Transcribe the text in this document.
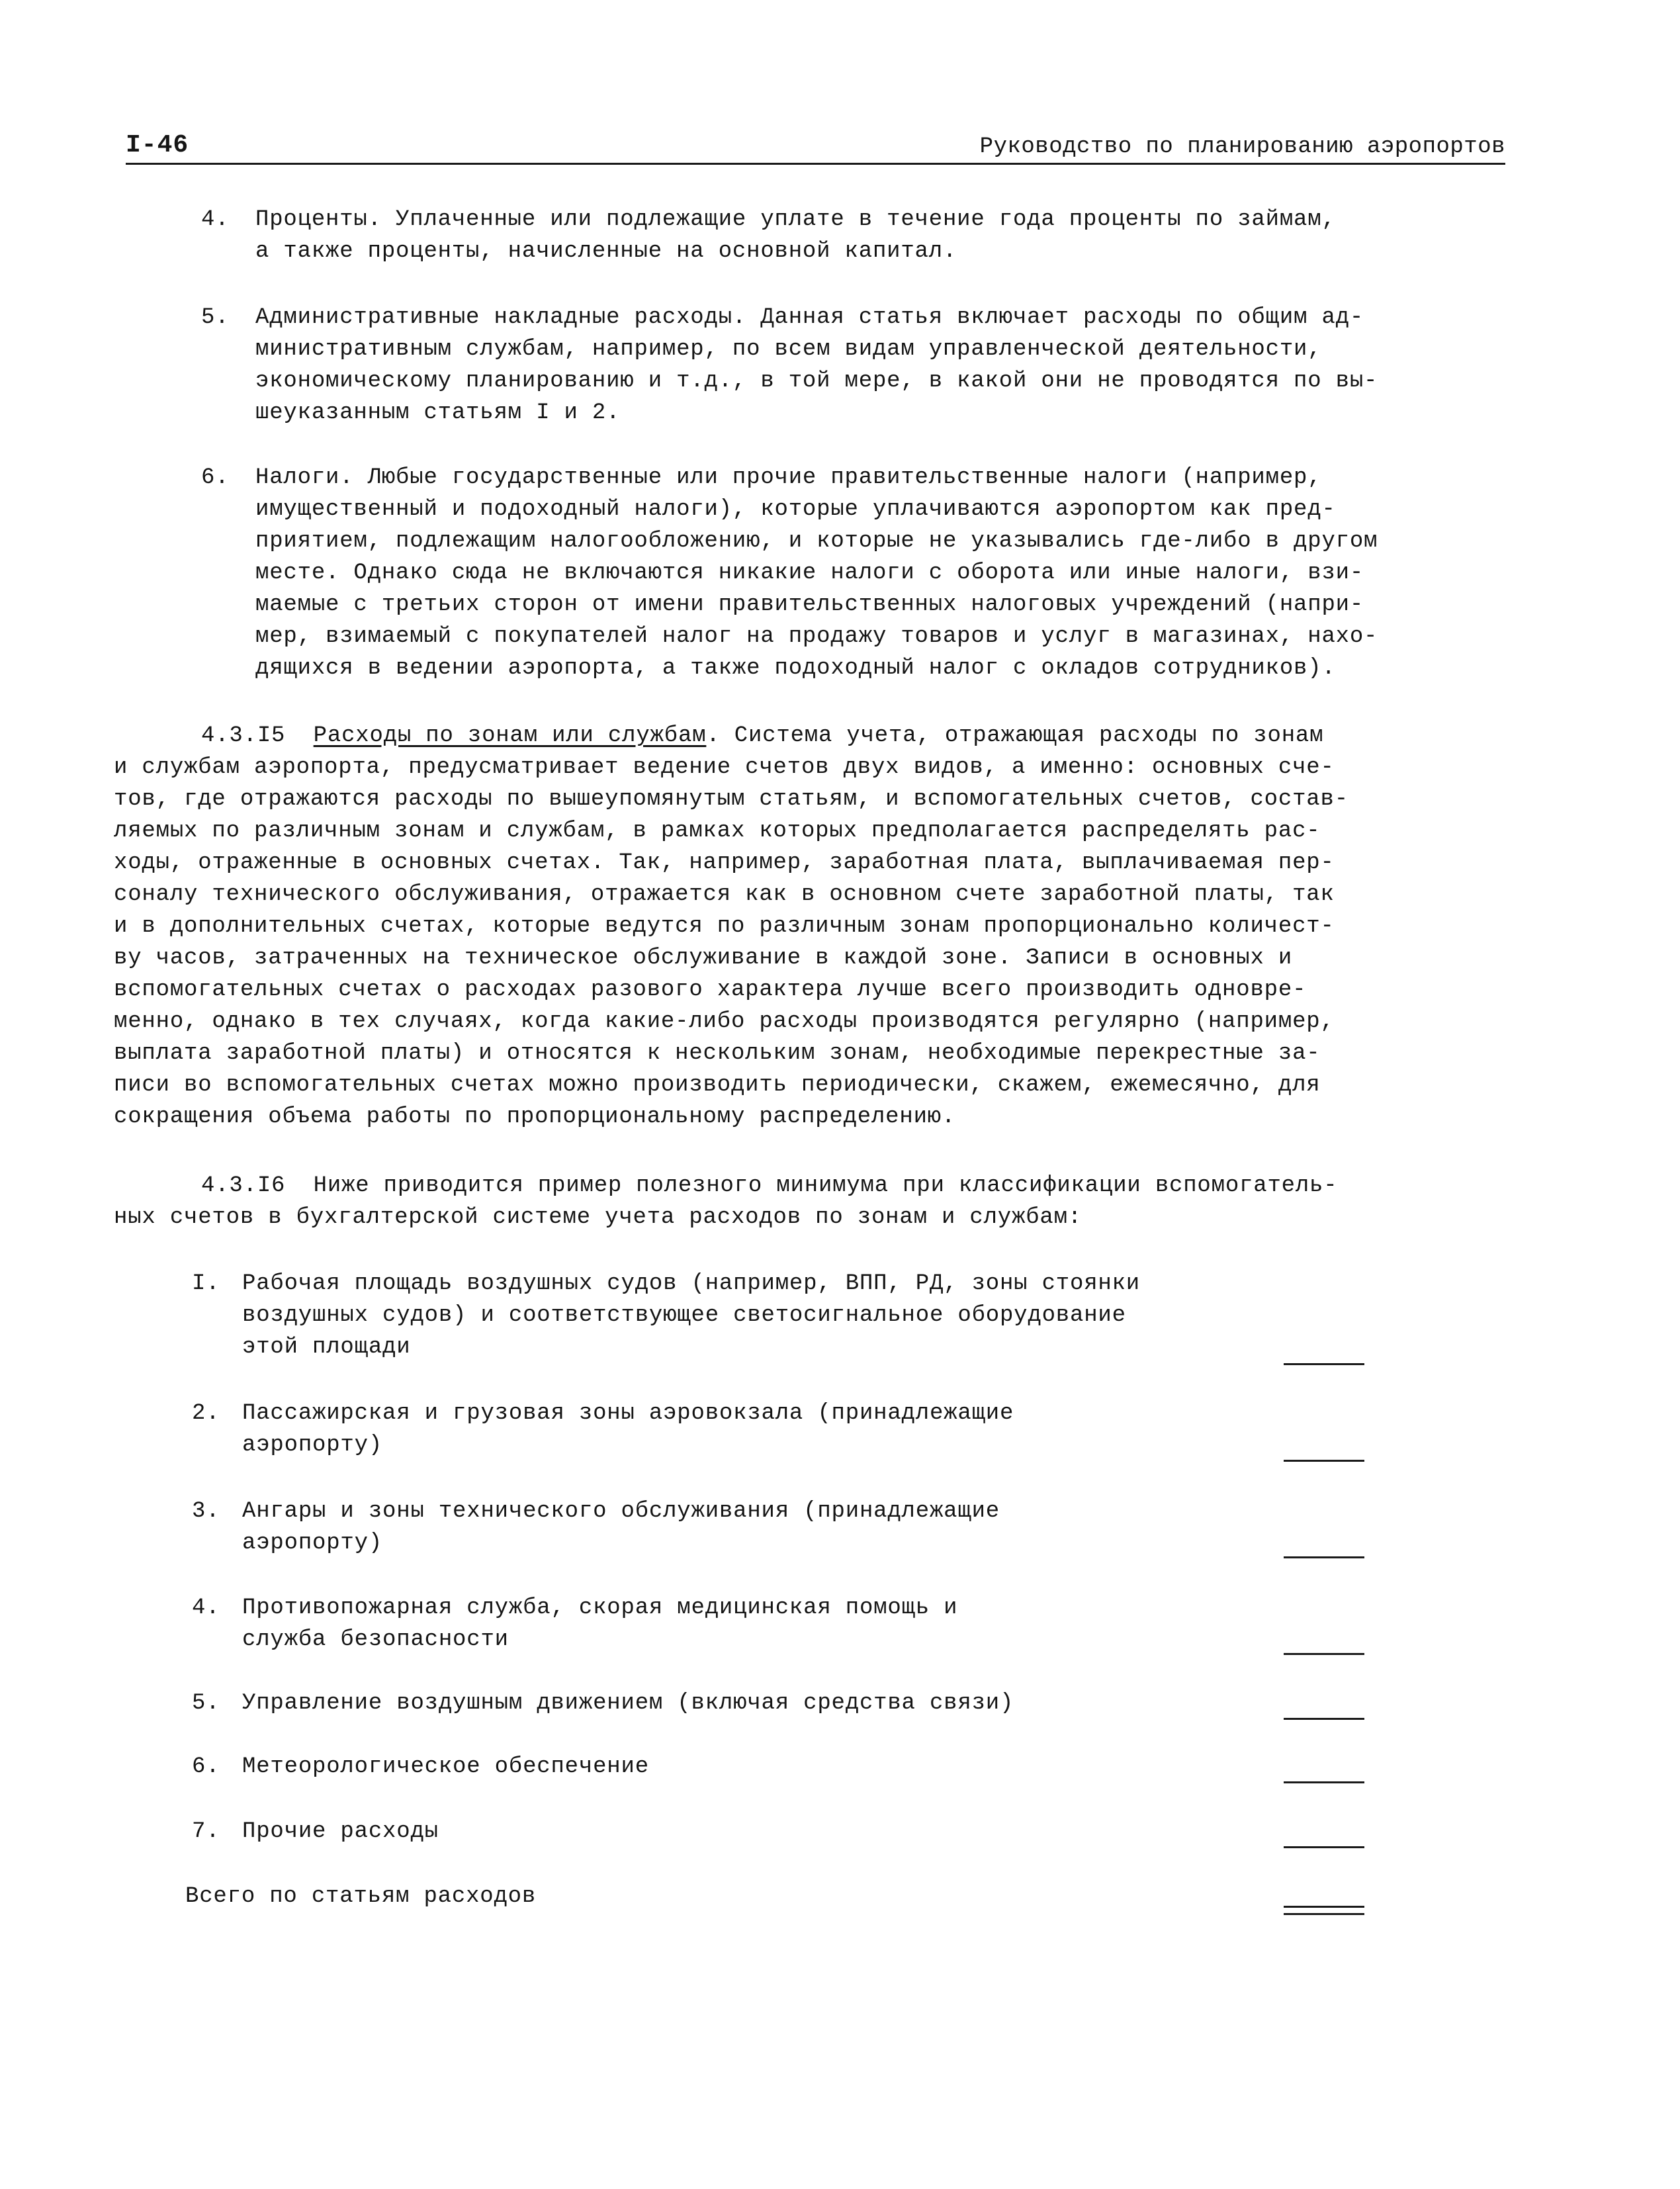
I-46	Руководство по планированию аэропортов
4. Проценты. Уплаченные или подлежащие уплате в течение года проценты по займам,
а также проценты, начисленные на основной капитал.
5. Административные накладные расходы. Данная статья включает расходы по общим ад-
министративным службам, например, по всем видам управленческой деятельности,
экономическому планированию и т.д., в той мере, в какой они не проводятся по вы-
шеуказанным статьям I и 2.
6. Налоги. Любые государственные или прочие правительственные налоги (например,
имущественный и подоходный налоги), которые уплачиваются аэропортом как пред-
приятием, подлежащим налогообложению, и которые не указывались где-либо в другом
месте. Однако сюда не включаются никакие налоги с оборота или иные налоги, взи-
маемые с третьих сторон от имени правительственных налоговых учреждений (напри-
мер, взимаемый с покупателей налог на продажу товаров и услуг в магазинах, нахо-
дящихся в ведении аэропорта, а также подоходный налог с окладов сотрудников).
4.3.I5 Расходы по зонам или службам. Система учета, отражающая расходы по зонам
и службам аэропорта, предусматривает ведение счетов двух видов, а именно: основных сче-
тов, где отражаются расходы по вышеупомянутым статьям, и вспомогательных счетов, состав-
ляемых по различным зонам и службам, в рамках которых предполагается распределять рас-
ходы, отраженные в основных счетах. Так, например, заработная плата, выплачиваемая пер-
соналу технического обслуживания, отражается как в основном счете заработной платы, так
и в дополнительных счетах, которые ведутся по различным зонам пропорционально количест-
ву часов, затраченных на техническое обслуживание в каждой зоне. Записи в основных и
вспомогательных счетах о расходах разового характера лучше всего производить одновре-
менно, однако в тех случаях, когда какие-либо расходы производятся регулярно (например,
выплата заработной платы) и относятся к нескольким зонам, необходимые перекрестные за-
писи во вспомогательных счетах можно производить периодически, скажем, ежемесячно, для
сокращения объема работы по пропорциональному распределению.
4.3.I6  Ниже приводится пример полезного минимума при классификации вспомогатель-
ных счетов в бухгалтерской системе учета расходов по зонам и службам:
I. Рабочая площадь воздушных судов (например, ВПП, РД, зоны стоянки
воздушных судов) и соответствующее светосигнальное оборудование
этой площади
2. Пассажирская и грузовая зоны аэровокзала (принадлежащие
аэропорту)
3. Ангары и зоны технического обслуживания (принадлежащие
аэропорту)
4. Противопожарная служба, скорая медицинская помощь и
служба безопасности
5. Управление воздушным движением (включая средства связи)
6. Метеорологическое обеспечение
7. Прочие расходы
Всего по статьям расходов
